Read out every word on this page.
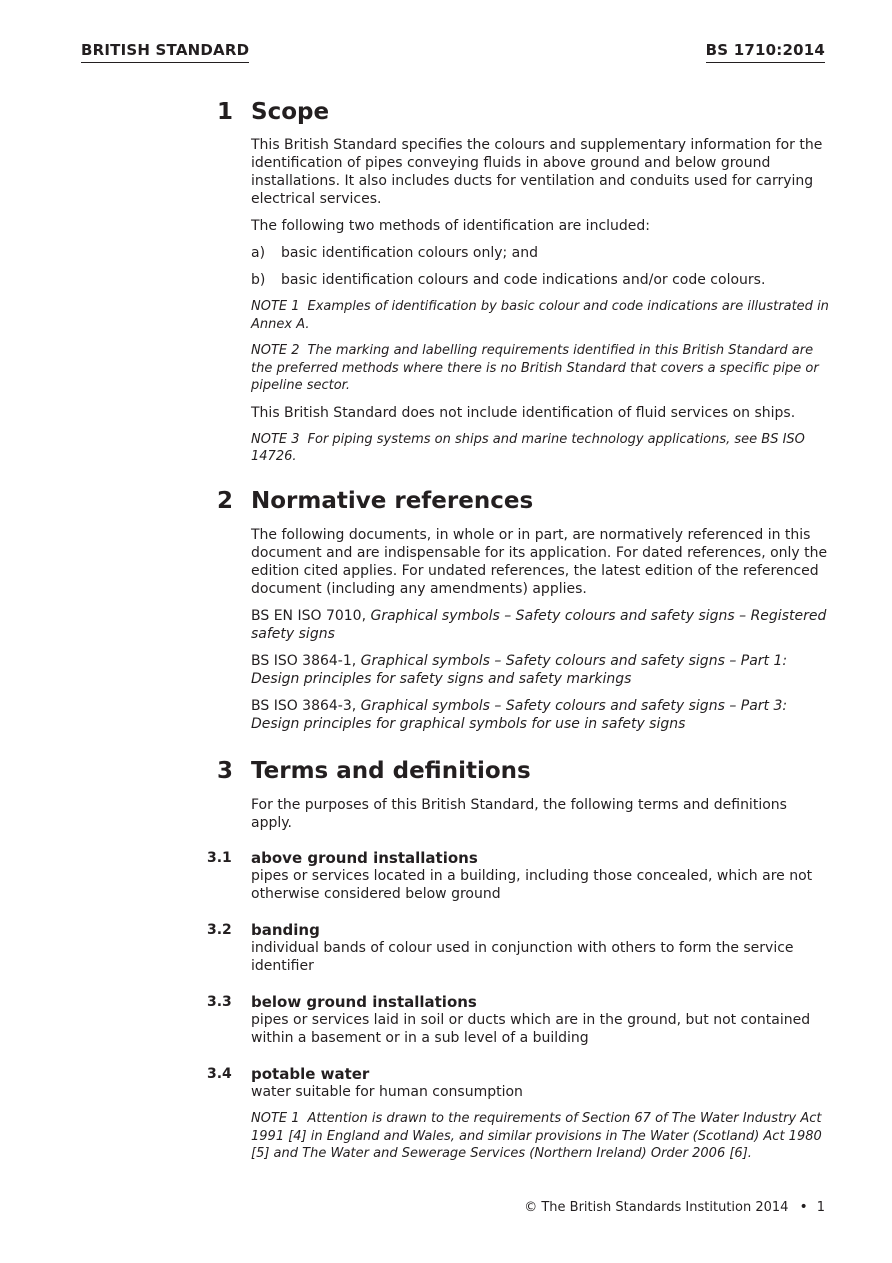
BRITISH STANDARD	BS 1710:2014
1 Scope

This British Standard specifies the colours and supplementary information for the identification of pipes conveying fluids in above ground and below ground installations. It also includes ducts for ventilation and conduits used for carrying electrical services.

The following two methods of identification are included:

a)	basic identification colours only; and
b)	basic identification colours and code indications and/or code colours.

NOTE 1 Examples of identification by basic colour and code indications are illustrated in Annex A.

NOTE 2 The marking and labelling requirements identified in this British Standard are the preferred methods where there is no British Standard that covers a specific pipe or pipeline sector.

This British Standard does not include identification of fluid services on ships.

NOTE 3 For piping systems on ships and marine technology applications, see BS ISO 14726.

2 Normative references

The following documents, in whole or in part, are normatively referenced in this document and are indispensable for its application. For dated references, only the edition cited applies. For undated references, the latest edition of the referenced document (including any amendments) applies.

BS EN ISO 7010, Graphical symbols – Safety colours and safety signs – Registered safety signs

BS ISO 3864-1, Graphical symbols – Safety colours and safety signs – Part 1: Design principles for safety signs and safety markings

BS ISO 3864-3, Graphical symbols – Safety colours and safety signs – Part 3: Design principles for graphical symbols for use in safety signs

3 Terms and definitions

For the purposes of this British Standard, the following terms and definitions apply.

3.1 above ground installations

pipes or services located in a building, including those concealed, which are not otherwise considered below ground

3.2 banding

individual bands of colour used in conjunction with others to form the service identifier

3.3 below ground installations

pipes or services laid in soil or ducts which are in the ground, but not contained within a basement or in a sub level of a building

3.4 potable water

water suitable for human consumption

NOTE 1 Attention is drawn to the requirements of Section 67 of The Water Industry Act 1991 [4] in England and Wales, and similar provisions in The Water (Scotland) Act 1980 [5] and The Water and Sewerage Services (Northern Ireland) Order 2006 [6].

© The British Standards Institution 2014 • 1
